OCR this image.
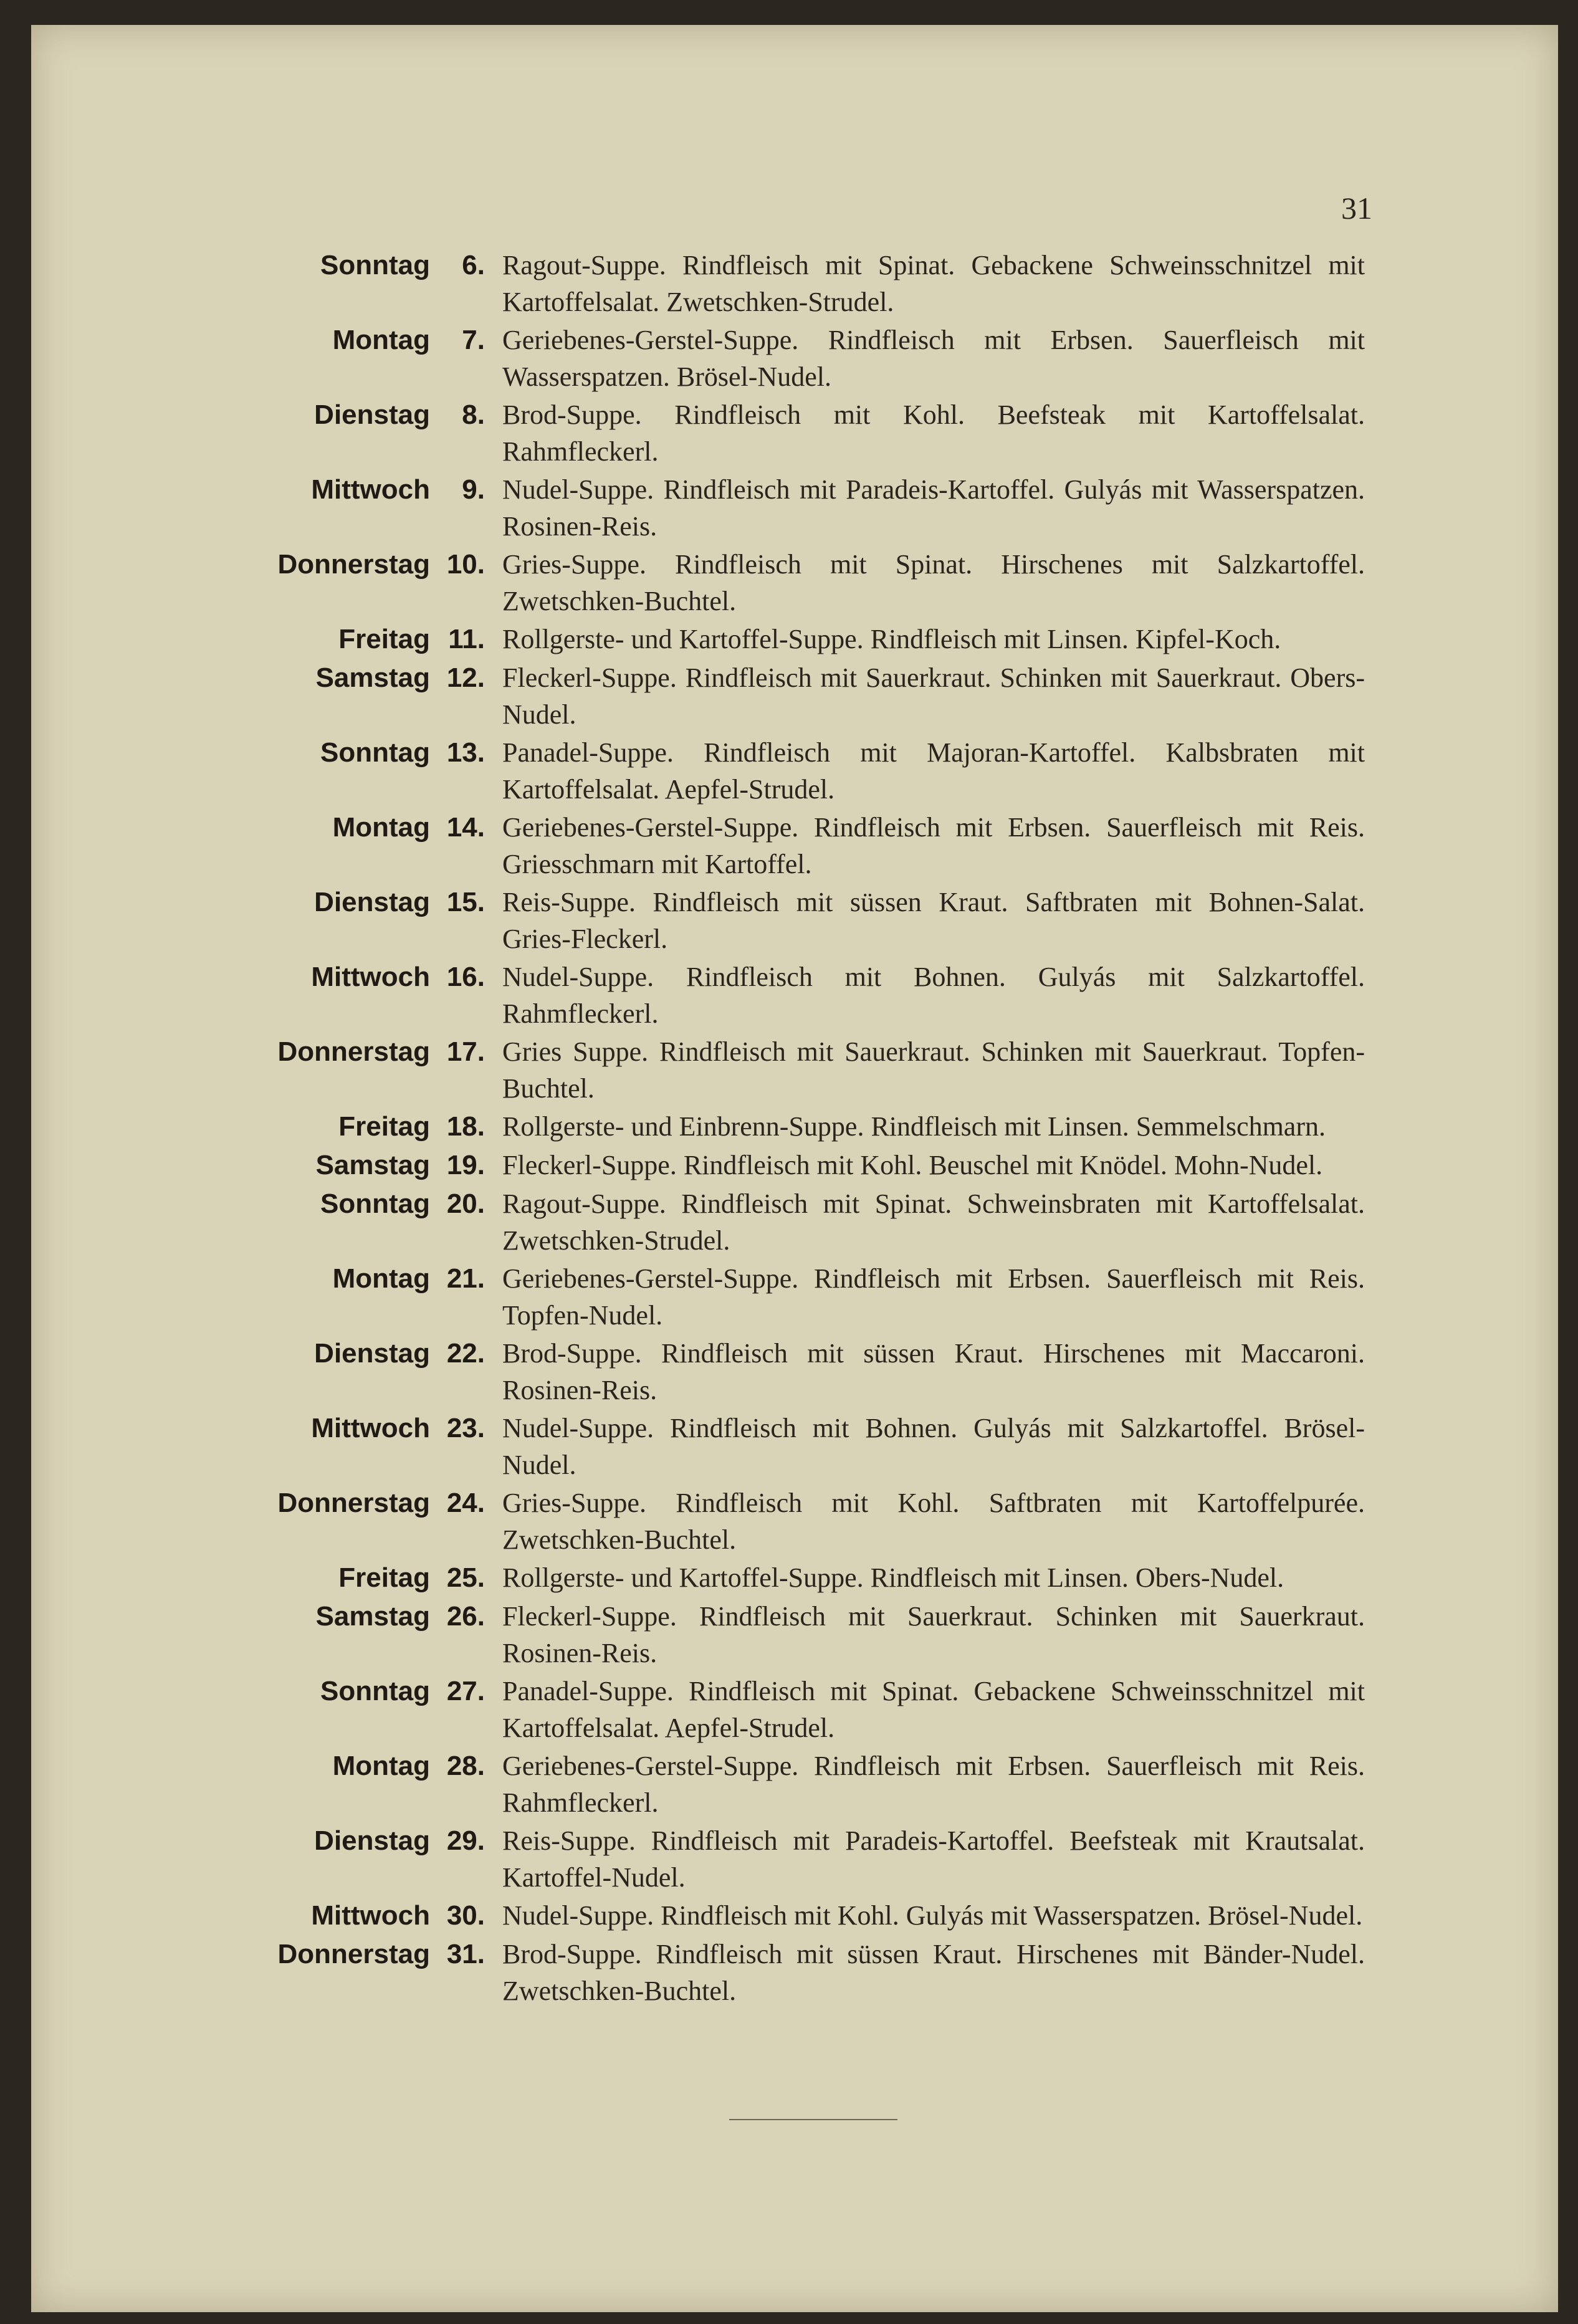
31
Sonntag	6. Ragout-Suppe. Rindfleisch mit Spinat. Gebackene Schweinsschnitzel mit Kartoffelsalat. Zwetschken-Strudel.
Montag	7. Geriebenes-Gerstel-Suppe. Rindfleisch mit Erbsen. Sauerfleisch mit Wasserspatzen. Brösel-Nudel.
Dienstag	8. Brod-Suppe. Rindfleisch mit Kohl. Beefsteak mit Kartoffelsalat. Rahmfleckerl.
Mittwoch	9. Nudel-Suppe. Rindfleisch mit Paradeis-Kartoffel. Gulyás mit Wasserspatzen. Rosinen-Reis.
Donnerstag 10. Gries-Suppe. Rindfleisch mit Spinat. Hirschenes mit Salzkartoffel. Zwetschken-Buchtel.
Freitag 11. Rollgerste- und Kartoffel-Suppe. Rindfleisch mit Linsen. Kipfel-Koch.
Samstag 12. Fleckerl-Suppe. Rindfleisch mit Sauerkraut. Schinken mit Sauerkraut. Obers-Nudel.
Sonntag 13. Panadel-Suppe. Rindfleisch mit Majoran-Kartoffel. Kalbsbraten mit Kartoffelsalat. Aepfel-Strudel.
Montag 14. Geriebenes-Gerstel-Suppe. Rindfleisch mit Erbsen. Sauerfleisch mit Reis. Griesschmarn mit Kartoffel.
Dienstag 15. Reis-Suppe. Rindfleisch mit süssen Kraut. Saftbraten mit Bohnen-Salat. Gries-Fleckerl.
Mittwoch 16. Nudel-Suppe. Rindfleisch mit Bohnen. Gulyás mit Salzkartoffel. Rahmfleckerl.
Donnerstag 17. Gries Suppe. Rindfleisch mit Sauerkraut. Schinken mit Sauerkraut. Topfen-Buchtel.
Freitag 18. Rollgerste- und Einbrenn-Suppe. Rindfleisch mit Linsen. Semmelschmarn.
Samstag 19. Fleckerl-Suppe. Rindfleisch mit Kohl. Beuschel mit Knödel. Mohn-Nudel.
Sonntag 20. Ragout-Suppe. Rindfleisch mit Spinat. Schweinsbraten mit Kartoffelsalat. Zwetschken-Strudel.
Montag 21. Geriebenes-Gerstel-Suppe. Rindfleisch mit Erbsen. Sauerfleisch mit Reis. Topfen-Nudel.
Dienstag 22. Brod-Suppe. Rindfleisch mit süssen Kraut. Hirschenes mit Maccaroni. Rosinen-Reis.
Mittwoch 23. Nudel-Suppe. Rindfleisch mit Bohnen. Gulyás mit Salzkartoffel. Brösel-Nudel.
Donnerstag 24. Gries-Suppe. Rindfleisch mit Kohl. Saftbraten mit Kartoffelpurée. Zwetschken-Buchtel.
Freitag 25. Rollgerste- und Kartoffel-Suppe. Rindfleisch mit Linsen. Obers-Nudel.
Samstag 26. Fleckerl-Suppe. Rindfleisch mit Sauerkraut. Schinken mit Sauerkraut. Rosinen-Reis.
Sonntag 27. Panadel-Suppe. Rindfleisch mit Spinat. Gebackene Schweinsschnitzel mit Kartoffelsalat. Aepfel-Strudel.
Montag 28. Geriebenes-Gerstel-Suppe. Rindfleisch mit Erbsen. Sauerfleisch mit Reis. Rahmfleckerl.
Dienstag 29. Reis-Suppe. Rindfleisch mit Paradeis-Kartoffel. Beefsteak mit Krautsalat. Kartoffel-Nudel.
Mittwoch 30. Nudel-Suppe. Rindfleisch mit Kohl. Gulyás mit Wasserspatzen. Brösel-Nudel.
Donnerstag 31. Brod-Suppe. Rindfleisch mit süssen Kraut. Hirschenes mit Bänder-Nudel. Zwetschken-Buchtel.
